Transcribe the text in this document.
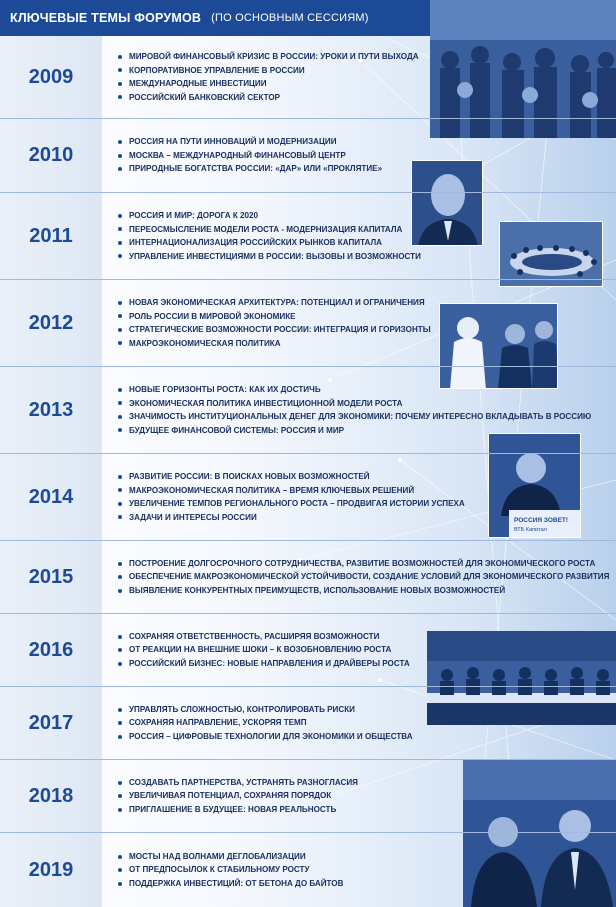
КЛЮЧЕВЫЕ ТЕМЫ ФОРУМОВ (ПО ОСНОВНЫМ СЕССИЯМ)
РОССИЯ ЗОВЕТ!
ВТБ Капитал
2009
МИРОВОЙ ФИНАНСОВЫЙ КРИЗИС В РОССИИ: УРОКИ И ПУТИ ВЫХОДА
КОРПОРАТИВНОЕ УПРАВЛЕНИЕ В РОССИИ
МЕЖДУНАРОДНЫЕ ИНВЕСТИЦИИ
РОССИЙСКИЙ БАНКОВСКИЙ СЕКТОР
2010
РОССИЯ НА ПУТИ ИННОВАЦИЙ И МОДЕРНИЗАЦИИ
МОСКВА – МЕЖДУНАРОДНЫЙ ФИНАНСОВЫЙ ЦЕНТР
ПРИРОДНЫЕ БОГАТСТВА РОССИИ: «ДАР» ИЛИ «ПРОКЛЯТИЕ»
2011
РОССИЯ И МИР: ДОРОГА К 2020
ПЕРЕОСМЫСЛЕНИЕ МОДЕЛИ РОСТА - МОДЕРНИЗАЦИЯ КАПИТАЛА
ИНТЕРНАЦИОНАЛИЗАЦИЯ РОССИЙСКИХ РЫНКОВ КАПИТАЛА
УПРАВЛЕНИЕ ИНВЕСТИЦИЯМИ В РОССИИ: ВЫЗОВЫ И ВОЗМОЖНОСТИ
2012
НОВАЯ ЭКОНОМИЧЕСКАЯ АРХИТЕКТУРА: ПОТЕНЦИАЛ И ОГРАНИЧЕНИЯ
РОЛЬ РОССИИ В МИРОВОЙ ЭКОНОМИКЕ
СТРАТЕГИЧЕСКИЕ ВОЗМОЖНОСТИ РОССИИ: ИНТЕГРАЦИЯ И ГОРИЗОНТЫ
МАКРОЭКОНОМИЧЕСКАЯ ПОЛИТИКА
2013
НОВЫЕ ГОРИЗОНТЫ РОСТА: КАК ИХ ДОСТИЧЬ
ЭКОНОМИЧЕСКАЯ ПОЛИТИКА ИНВЕСТИЦИОННОЙ МОДЕЛИ РОСТА
ЗНАЧИМОСТЬ ИНСТИТУЦИОНАЛЬНЫХ ДЕНЕГ ДЛЯ ЭКОНОМИКИ: ПОЧЕМУ ИНТЕРЕСНО ВКЛАДЫВАТЬ В РОССИЮ
БУДУЩЕЕ ФИНАНСОВОЙ СИСТЕМЫ: РОССИЯ И МИР
2014
РАЗВИТИЕ РОССИИ: В ПОИСКАХ НОВЫХ ВОЗМОЖНОСТЕЙ
МАКРОЭКОНОМИЧЕСКАЯ ПОЛИТИКА – ВРЕМЯ КЛЮЧЕВЫХ РЕШЕНИЙ
УВЕЛИЧЕНИЕ ТЕМПОВ РЕГИОНАЛЬНОГО РОСТА – ПРОДВИГАЯ ИСТОРИИ УСПЕХА
ЗАДАЧИ И ИНТЕРЕСЫ РОССИИ
2015
ПОСТРОЕНИЕ ДОЛГОСРОЧНОГО СОТРУДНИЧЕСТВА, РАЗВИТИЕ ВОЗМОЖНОСТЕЙ ДЛЯ ЭКОНОМИЧЕСКОГО РОСТА
ОБЕСПЕЧЕНИЕ МАКРОЭКОНОМИЧЕСКОЙ УСТОЙЧИВОСТИ, СОЗДАНИЕ УСЛОВИЙ ДЛЯ ЭКОНОМИЧЕСКОГО РАЗВИТИЯ
ВЫЯВЛЕНИЕ КОНКУРЕНТНЫХ ПРЕИМУЩЕСТВ, ИСПОЛЬЗОВАНИЕ НОВЫХ ВОЗМОЖНОСТЕЙ
2016
СОХРАНЯЯ ОТВЕТСТВЕННОСТЬ, РАСШИРЯЯ ВОЗМОЖНОСТИ
ОТ РЕАКЦИИ НА ВНЕШНИЕ ШОКИ – К ВОЗОБНОВЛЕНИЮ РОСТА
РОССИЙСКИЙ БИЗНЕС: НОВЫЕ НАПРАВЛЕНИЯ И ДРАЙВЕРЫ РОСТА
2017
УПРАВЛЯТЬ СЛОЖНОСТЬЮ, КОНТРОЛИРОВАТЬ РИСКИ
СОХРАНЯЯ НАПРАВЛЕНИЕ, УСКОРЯЯ ТЕМП
РОССИЯ – ЦИФРОВЫЕ ТЕХНОЛОГИИ ДЛЯ ЭКОНОМИКИ И ОБЩЕСТВА
2018
СОЗДАВАТЬ ПАРТНЕРСТВА, УСТРАНЯТЬ РАЗНОГЛАСИЯ
УВЕЛИЧИВАЯ ПОТЕНЦИАЛ, СОХРАНЯЯ ПОРЯДОК
ПРИГЛАШЕНИЕ В БУДУЩЕЕ: НОВАЯ РЕАЛЬНОСТЬ
2019
МОСТЫ НАД ВОЛНАМИ ДЕГЛОБАЛИЗАЦИИ
ОТ ПРЕДПОСЫЛОК К СТАБИЛЬНОМУ РОСТУ
ПОДДЕРЖКА ИНВЕСТИЦИЙ: ОТ БЕТОНА ДО БАЙТОВ
